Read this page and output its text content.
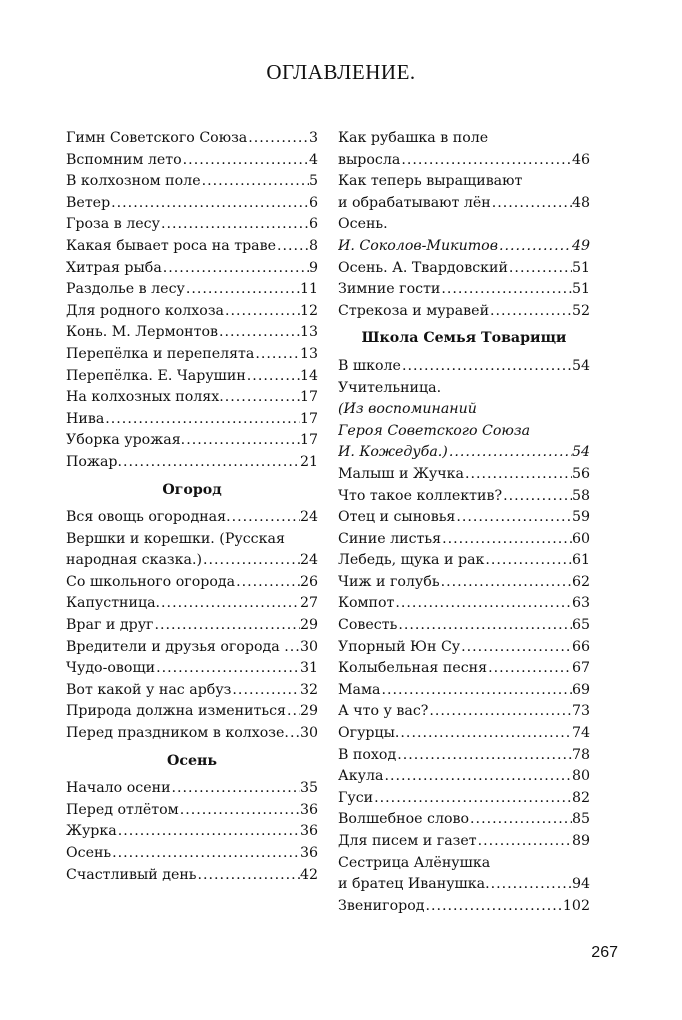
ОГЛАВЛЕНИЕ.
Гимн Советского Союза .....	3
Вспомним лето .....	4
В колхозном поле .....	5
Ветер .....	6
Гроза в лесу .....	6
Какая бывает роса на траве ..... 8
Хитрая рыба .....	9
Раздолье в лесу .....	11
Для родного колхоза .....	12
Конь. М. Лермонтов .....	13
Перепёлка и перепелята .....	13
Перепёлка. Е. Чарушин .....	14
На колхозных полях. .....	17
Нива .....	17
Уборка урожая. .....	17
Пожар. .....	21
Огород
Вся овощь огородная. .....	24
Вершки и корешки. (Русская
народная сказка.) .....	24
Со школьного огорода .....	26
Капустница. .....	27
Враг и друг .....	29
Вредители и друзья огорода . ..... 30
Чудо-овощи .....	31
Вот какой у нас арбуз .....	32
Природа должна измениться ..... 29
Перед праздником в колхозе. ..... 30
Осень
Начало осени .....	35
Перед отлётом .....	36
Журка .....	36
Осень .....	36
Счастливый день .....	42
Как рубашка в поле
выросла .....	46
Как теперь выращивают
и обрабатывают лён .....	48
Осень.
И. Соколов-Микитов .....	49
Осень. А. Твардовский .....	51
Зимние гости .....	51
Стрекоза и муравей .....	52
Школа Семья Товарищи
В школе .....	54
Учительница.
(Из воспоминаний
Героя Советского Союза
И. Кожедуба.) .....	54
Малыш и Жучка .....	56
Что такое коллектив? .....	58
Отец и сыновья .....	59
Синие листья .....	60
Лебедь, щука и рак .....	61
Чиж и голубь .....	62
Компот .....	63
Совесть .....	65
Упорный Юн Су .....	66
Колыбельная песня .....	67
Мама .....	69
А что у вас? .....	73
Огурцы. .....	74
В поход .....	78
Акула .....	80
Гуси .....	82
Волшебное слово .....	85
Для писем и газет .....	89
Сестрица Алёнушка
и братец Иванушка. .....	94
Звенигород .....	102
267
